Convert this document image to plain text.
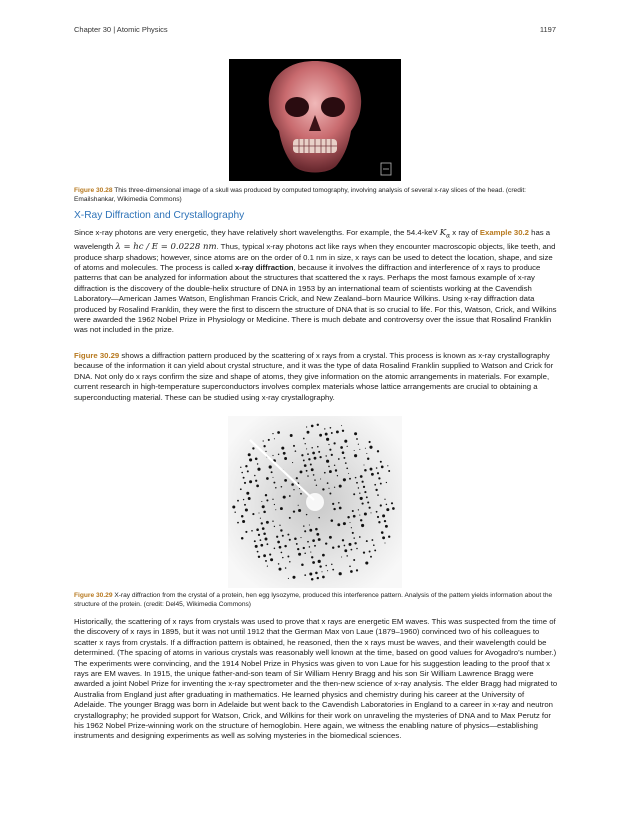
Chapter 30 | Atomic Physics	1197
Figure 30.28 This three-dimensional image of a skull was produced by computed tomography, involving analysis of several x-ray slices of the head. (credit: Emailshankar, Wikimedia Commons)
X-Ray Diffraction and Crystallography

Since x-ray photons are very energetic, they have relatively short wavelengths. For example, the 54.4-keV $K_\alpha$ x ray of Example 30.2 has a wavelength λ = hc / E = 0.0228 nm. Thus, typical x-ray photons act like rays when they encounter macroscopic objects, like teeth, and produce sharp shadows; however, since atoms are on the order of 0.1 nm in size, x rays can be used to detect the location, shape, and size of atoms and molecules. The process is called x-ray diffraction, because it involves the diffraction and interference of x rays to produce patterns that can be analyzed for information about the structures that scattered the x rays. Perhaps the most famous example of x-ray diffraction is the discovery of the double-helix structure of DNA in 1953 by an international team of scientists working at the Cavendish Laboratory—American James Watson, Englishman Francis Crick, and New Zealand–born Maurice Wilkins. Using x-ray diffraction data produced by Rosalind Franklin, they were the first to discern the structure of DNA that is so crucial to life. For this, Watson, Crick, and Wilkins were awarded the 1962 Nobel Prize in Physiology or Medicine. There is much debate and controversy over the issue that Rosalind Franklin was not included in the prize.

Figure 30.29 shows a diffraction pattern produced by the scattering of x rays from a crystal. This process is known as x-ray crystallography because of the information it can yield about crystal structure, and it was the type of data Rosalind Franklin supplied to Watson and Crick for DNA. Not only do x rays confirm the size and shape of atoms, they give information on the atomic arrangements in materials. For example, current research in high-temperature superconductors involves complex materials whose lattice arrangements are crucial to obtaining a superconducting material. These can be studied using x-ray crystallography.

Figure 30.29 X-ray diffraction from the crystal of a protein, hen egg lysozyme, produced this interference pattern. Analysis of the pattern yields information about the structure of the protein. (credit: Del45, Wikimedia Commons)

Historically, the scattering of x rays from crystals was used to prove that x rays are energetic EM waves. This was suspected from the time of the discovery of x rays in 1895, but it was not until 1912 that the German Max von Laue (1879–1960) convinced two of his colleagues to scatter x rays from crystals. If a diffraction pattern is obtained, he reasoned, then the x rays must be waves, and their wavelength could be determined. (The spacing of atoms in various crystals was reasonably well known at the time, based on good values for Avogadro’s number.) The experiments were convincing, and the 1914 Nobel Prize in Physics was given to von Laue for his suggestion leading to the proof that x rays are EM waves. In 1915, the unique father-and-son team of Sir William Henry Bragg and his son Sir William Lawrence Bragg were awarded a joint Nobel Prize for inventing the x-ray spectrometer and the then-new science of x-ray analysis. The elder Bragg had migrated to Australia from England just after graduating in mathematics. He learned physics and chemistry during his career at the University of Adelaide. The younger Bragg was born in Adelaide but went back to the Cavendish Laboratories in England to a career in x-ray and neutron crystallography; he provided support for Watson, Crick, and Wilkins for their work on unraveling the mysteries of DNA and to Max Perutz for his 1962 Nobel Prize-winning work on the structure of hemoglobin. Here again, we witness the enabling nature of physics—establishing instruments and designing experiments as well as solving mysteries in the biomedical sciences.
